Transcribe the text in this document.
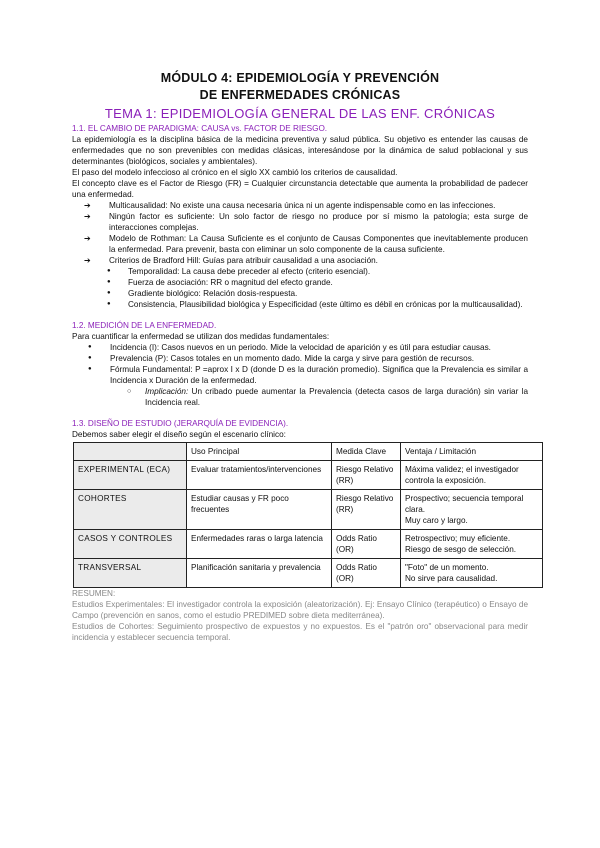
MÓDULO 4: EPIDEMIOLOGÍA Y PREVENCIÓN
DE ENFERMEDADES CRÓNICAS
TEMA 1: EPIDEMIOLOGÍA GENERAL DE LAS ENF. CRÓNICAS
1.1. EL CAMBIO DE PARADIGMA: CAUSA vs. FACTOR DE RIESGO.

La epidemiología es la disciplina básica de la medicina preventiva y salud pública. Su objetivo es entender las causas de enfermedades que no son prevenibles con medidas clásicas, interesándose por la dinámica de salud poblacional y sus determinantes (biológicos, sociales y ambientales).

El paso del modelo infeccioso al crónico en el siglo XX cambió los criterios de causalidad.

El concepto clave es el Factor de Riesgo (FR) = Cualquier circunstancia detectable que aumenta la probabilidad de padecer una enfermedad.

➔ Multicausalidad: No existe una causa necesaria única ni un agente indispensable como en las infecciones.
➔ Ningún factor es suficiente: Un solo factor de riesgo no produce por sí mismo la patología; esta surge de interacciones complejas.
➔ Modelo de Rothman: La Causa Suficiente es el conjunto de Causas Componentes que inevitablemente producen la enfermedad. Para prevenir, basta con eliminar un solo componente de la causa suficiente.
➔ Criterios de Bradford Hill: Guías para atribuir causalidad a una asociación.
● Temporalidad: La causa debe preceder al efecto (criterio esencial).
● Fuerza de asociación: RR o magnitud del efecto grande.
● Gradiente biológico: Relación dosis-respuesta.
● Consistencia, Plausibilidad biológica y Especificidad (este último es débil en crónicas por la multicausalidad).
1.2. MEDICIÓN DE LA ENFERMEDAD.

Para cuantificar la enfermedad se utilizan dos medidas fundamentales:

● Incidencia (I): Casos nuevos en un periodo. Mide la velocidad de aparición y es útil para estudiar causas.
● Prevalencia (P): Casos totales en un momento dado. Mide la carga y sirve para gestión de recursos.
● Fórmula Fundamental: P =aprox I x D (donde D es la duración promedio). Significa que la Prevalencia es similar a Incidencia x Duración de la enfermedad.
○ Implicación: Un cribado puede aumentar la Prevalencia (detecta casos de larga duración) sin variar la Incidencia real.
1.3. DISEÑO DE ESTUDIO (JERARQUÍA DE EVIDENCIA).

Debemos saber elegir el diseño según el escenario clínico:

	Uso Principal	Medida Clave	Ventaja / Limitación
EXPERIMENTAL (ECA)	Evaluar tratamientos/intervenciones	Riesgo Relativo (RR)	Máxima validez; el investigador controla la exposición.
COHORTES	Estudiar causas y FR poco frecuentes	Riesgo Relativo (RR)	Prospectivo; secuencia temporal clara.
Muy caro y largo.
CASOS Y CONTROLES	Enfermedades raras o larga latencia	Odds Ratio (OR)	Retrospectivo; muy eficiente.
Riesgo de sesgo de selección.
TRANSVERSAL	Planificación sanitaria y prevalencia	Odds Ratio (OR)	"Foto" de un momento.
No sirve para causalidad.

RESUMEN:

Estudios Experimentales: El investigador controla la exposición (aleatorización). Ej: Ensayo Clínico (terapéutico) o Ensayo de Campo (prevención en sanos, como el estudio PREDIMED sobre dieta mediterránea).

Estudios de Cohortes: Seguimiento prospectivo de expuestos y no expuestos. Es el "patrón oro" observacional para medir incidencia y establecer secuencia temporal.
